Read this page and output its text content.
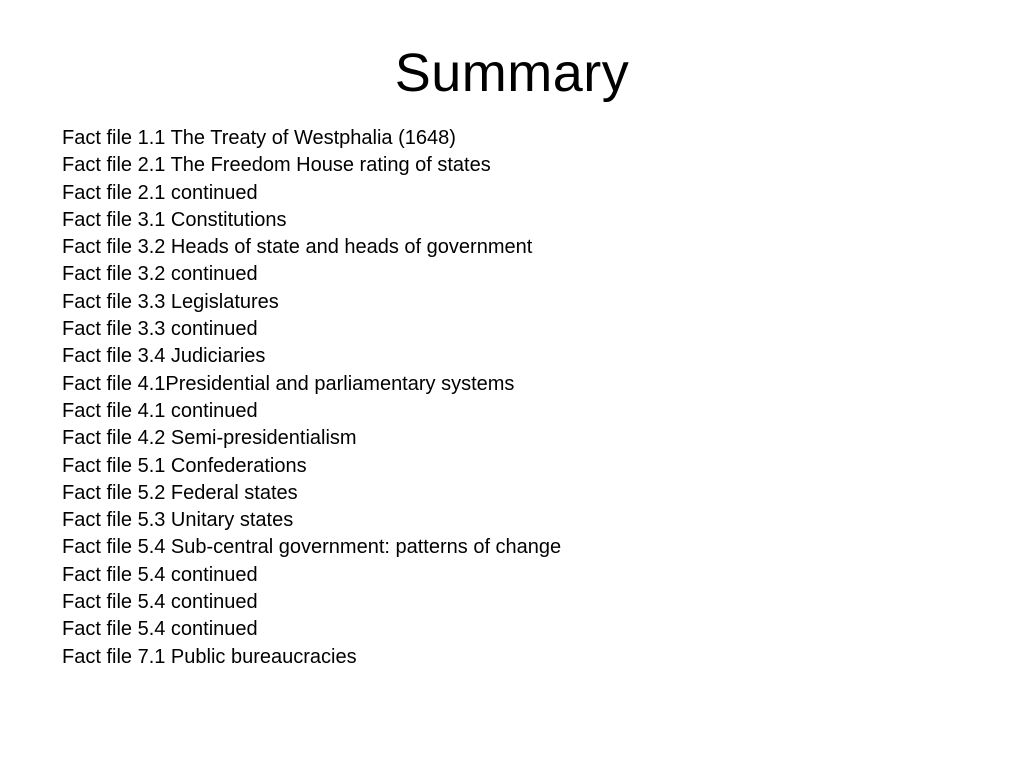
Summary
Fact file 1.1 The Treaty of Westphalia (1648)
Fact file 2.1 The Freedom House rating of states
Fact file 2.1 continued
Fact file 3.1 Constitutions
Fact file 3.2 Heads of state and heads of government
Fact file 3.2 continued
Fact file 3.3 Legislatures
Fact file 3.3 continued
Fact file 3.4 Judiciaries
Fact file 4.1Presidential and parliamentary systems
Fact file 4.1 continued
Fact file 4.2 Semi-presidentialism
Fact file 5.1 Confederations
Fact file 5.2 Federal states
Fact file 5.3 Unitary states
Fact file 5.4 Sub-central government: patterns of change
Fact file 5.4 continued
Fact file 5.4 continued
Fact file 5.4 continued
Fact file 7.1 Public bureaucracies
